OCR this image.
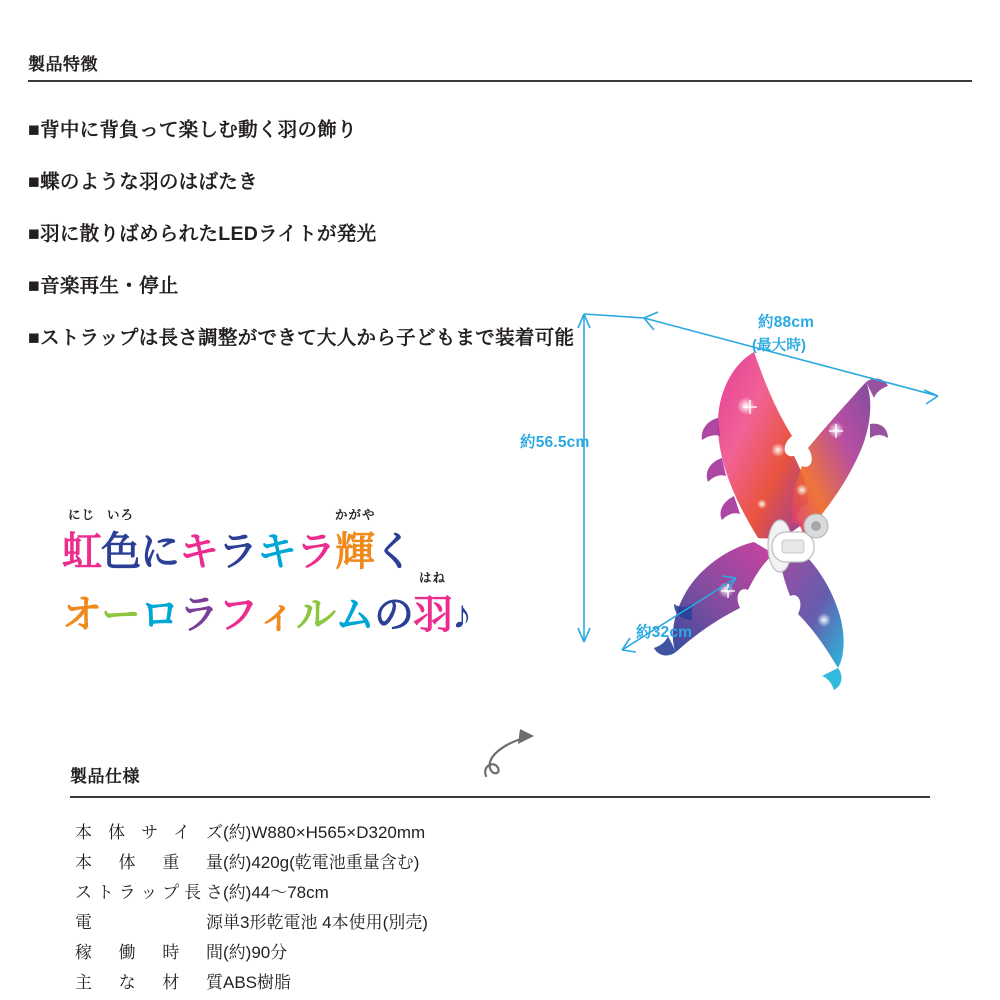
製品特徴
■背中に背負って楽しむ動く羽の飾り
■蝶のような羽のはばたき
■羽に散りばめられたLEDライトが発光
■音楽再生・停止
■ストラップは長さ調整ができて大人から子どもまで装着可能
にじ
虹
いろ
色にキラキラ
かがや
輝く
オーロラフィルムの
はね
羽♪
約88cm
(最大時)
約56.5cm
約32cm
製品仕様
本体サイズ	(約)W880×H565×D320mm
本体重量	(約)420g(乾電池重量含む)
ストラップ長さ	(約)44〜78cm
電源	単3形乾電池 4本使用(別売)
稼働時間	(約)90分
主な材質	ABS樹脂
